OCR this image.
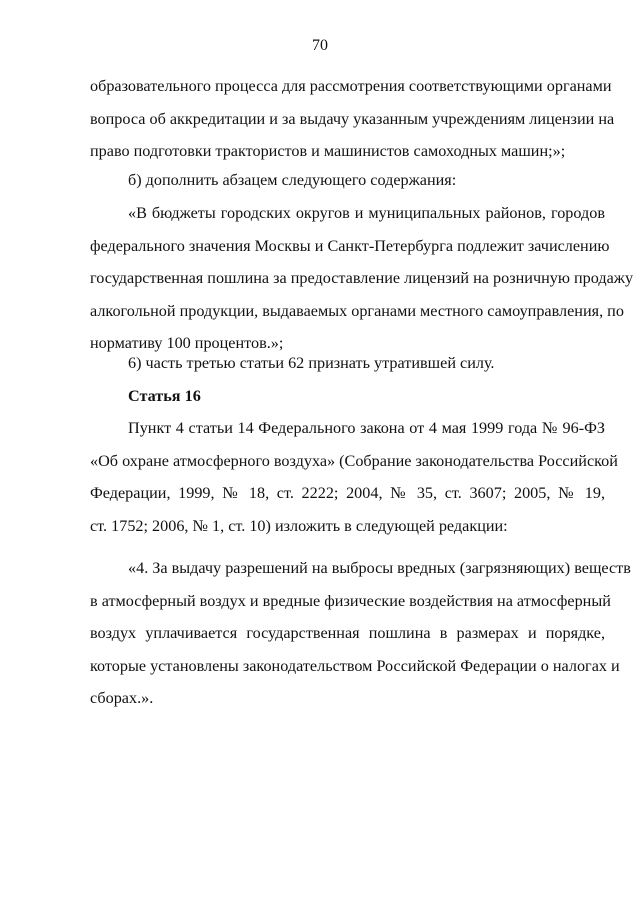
70
образовательного процесса для рассмотрения соответствующими органами
вопроса об аккредитации и за выдачу указанным учреждениям лицензии на
право подготовки трактористов и машинистов самоходных машин;»;
б) дополнить абзацем следующего содержания:
«В бюджеты городских округов и муниципальных районов, городов
федерального значения Москвы и Санкт-Петербурга подлежит зачислению
государственная пошлина за предоставление лицензий на розничную продажу
алкогольной продукции, выдаваемых органами местного самоуправления, по
нормативу 100 процентов.»;
6) часть третью статьи 62 признать утратившей силу.
Статья 16
Пункт 4 статьи 14 Федерального закона от 4 мая 1999 года № 96-ФЗ
«Об охране атмосферного воздуха» (Собрание законодательства Российской
Федерации, 1999, № 18, ст. 2222; 2004, № 35, ст. 3607; 2005, № 19,
ст. 1752; 2006, № 1, ст. 10) изложить в следующей редакции:
«4. За выдачу разрешений на выбросы вредных (загрязняющих) веществ
в атмосферный воздух и вредные физические воздействия на атмосферный
воздух уплачивается государственная пошлина в размерах и порядке,
которые установлены законодательством Российской Федерации о налогах и
сборах.».
